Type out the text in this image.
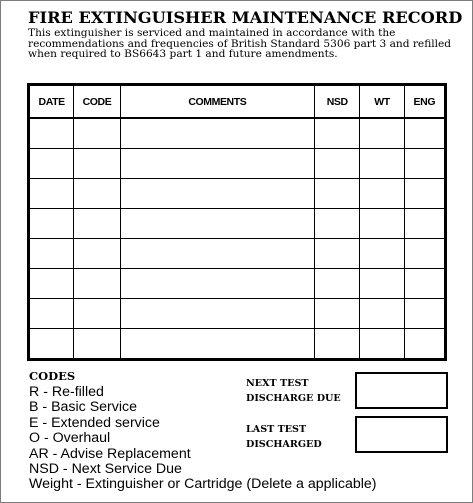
FIRE EXTINGUISHER MAINTENANCE RECORD
This extinguisher is serviced and maintained in accordance with the recommendations and frequencies of British Standard 5306 part 3 and refilled when required to BS6643 part 1 and future amendments.
DATE	CODE	COMMENTS	NSD	WT	ENG

CODES
R - Re-filled
B - Basic Service
E - Extended service
O - Overhaul
AR - Advise Replacement
NSD - Next Service Due
Weight - Extinguisher or Cartridge (Delete a applicable)
NEXT TEST
DISCHARGE DUE
LAST TEST
DISCHARGED
